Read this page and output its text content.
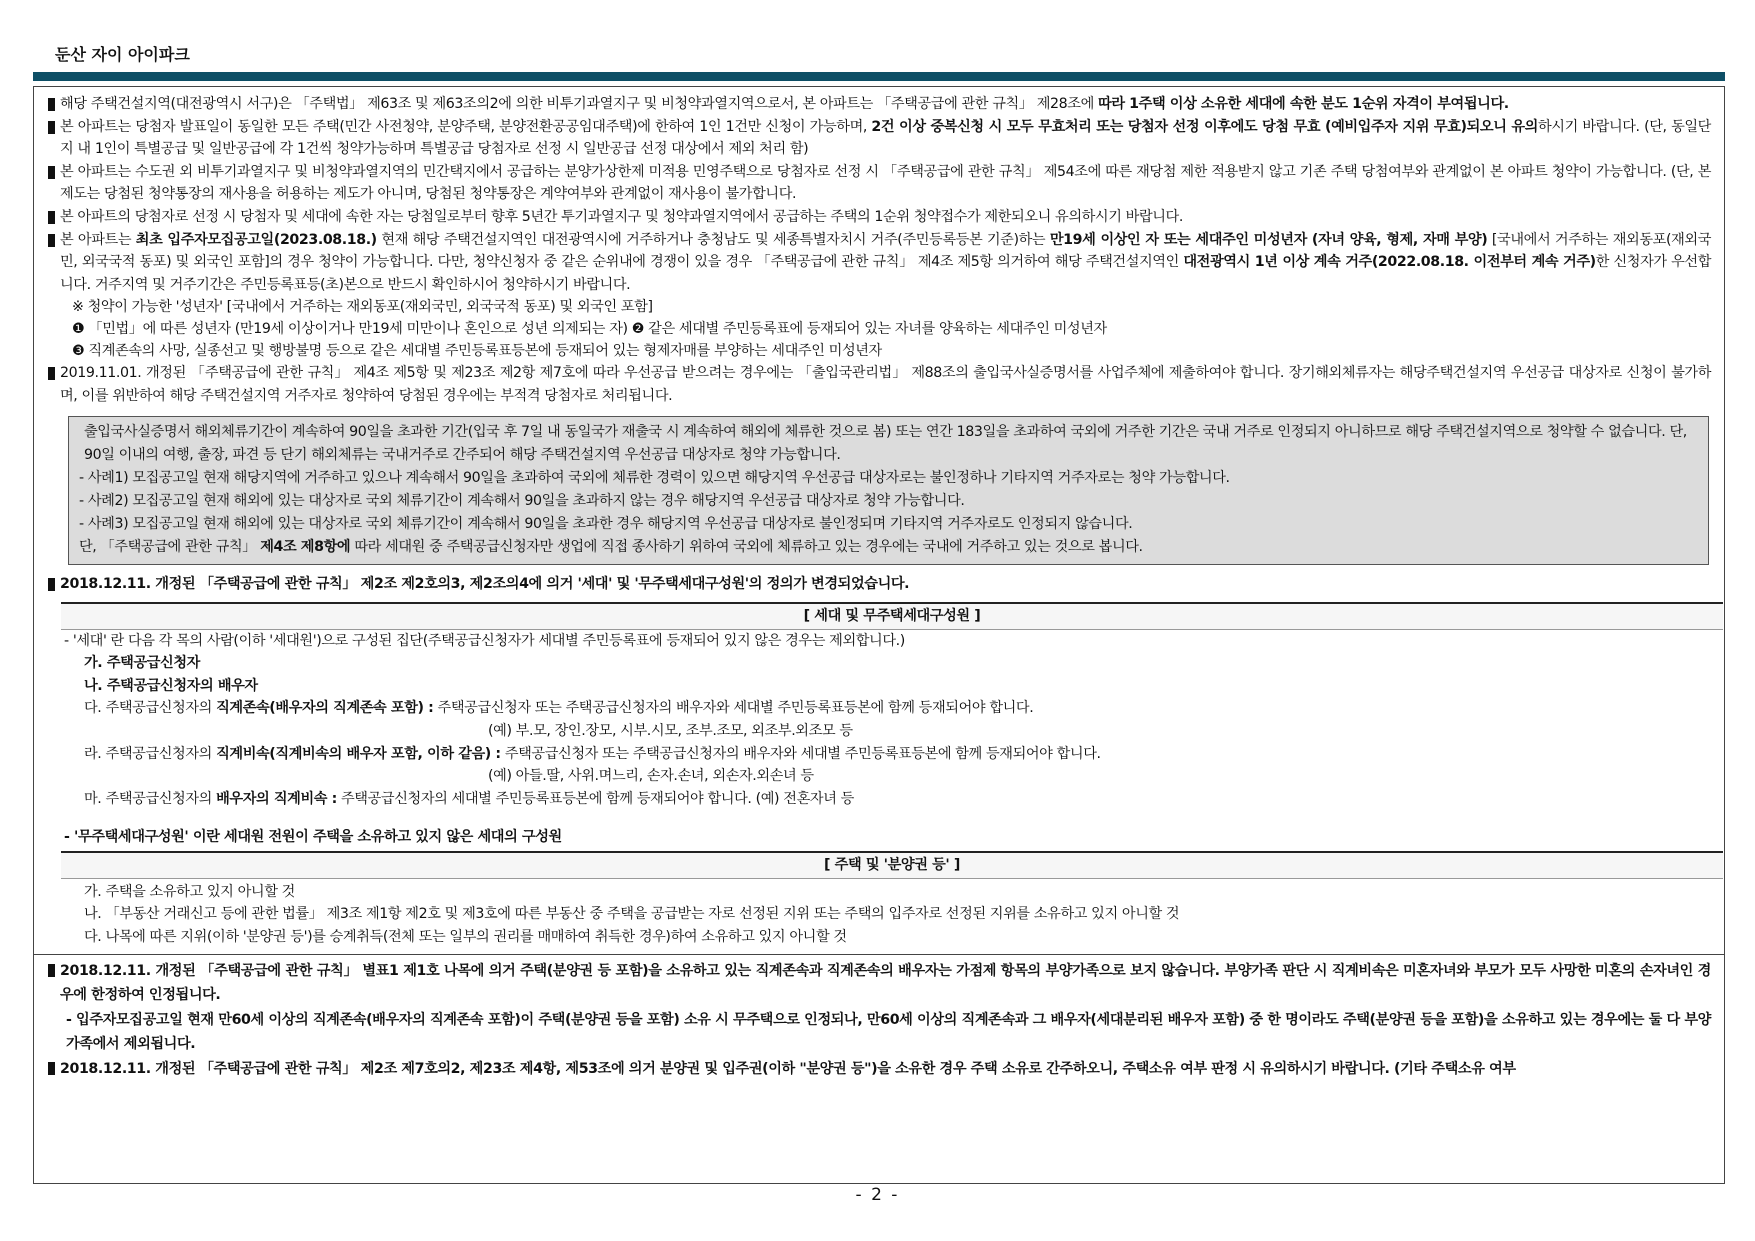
둔산 자이 아이파크
해당 주택건설지역(대전광역시 서구)은 「주택법」 제63조 및 제63조의2에 의한 비투기과열지구 및 비청약과열지역으로서, 본 아파트는 「주택공급에 관한 규칙」 제28조에 따라 1주택 이상 소유한 세대에 속한 분도 1순위 자격이 부여됩니다.
본 아파트는 당첨자 발표일이 동일한 모든 주택(민간 사전청약, 분양주택, 분양전환공공임대주택)에 한하여 1인 1건만 신청이 가능하며, 2건 이상 중복신청 시 모두 무효처리 또는 당첨자 선정 이후에도 당첨 무효 (예비입주자 지위 무효)되오니 유의하시기 바랍니다. (단, 동일단지 내 1인이 특별공급 및 일반공급에 각 1건씩 청약가능하며 특별공급 당첨자로 선정 시 일반공급 선정 대상에서 제외 처리 함)
본 아파트는 수도권 외 비투기과열지구 및 비청약과열지역의 민간택지에서 공급하는 분양가상한제 미적용 민영주택으로 당첨자로 선정 시 「주택공급에 관한 규칙」 제54조에 따른 재당첨 제한 적용받지 않고 기존 주택 당첨여부와 관계없이 본 아파트 청약이 가능합니다. (단, 본 제도는 당첨된 청약통장의 재사용을 허용하는 제도가 아니며, 당첨된 청약통장은 계약여부와 관계없이 재사용이 불가합니다.
본 아파트의 당첨자로 선정 시 당첨자 및 세대에 속한 자는 당첨일로부터 향후 5년간 투기과열지구 및 청약과열지역에서 공급하는 주택의 1순위 청약접수가 제한되오니 유의하시기 바랍니다.
본 아파트는 최초 입주자모집공고일(2023.08.18.) 현재 해당 주택건설지역인 대전광역시에 거주하거나 충청남도 및 세종특별자치시 거주(주민등록등본 기준)하는 만19세 이상인 자 또는 세대주인 미성년자 (자녀 양육, 형제, 자매 부양) [국내에서 거주하는 재외동포(재외국민, 외국국적 동포) 및 외국인 포함]의 경우 청약이 가능합니다. 다만, 청약신청자 중 같은 순위내에 경쟁이 있을 경우 「주택공급에 관한 규칙」 제4조 제5항 의거하여 해당 주택건설지역인 대전광역시 1년 이상 계속 거주(2022.08.18. 이전부터 계속 거주)한 신청자가 우선합니다. 거주지역 및 거주기간은 주민등록표등(초)본으로 반드시 확인하시어 청약하시기 바랍니다.
※ 청약이 가능한 '성년자' [국내에서 거주하는 재외동포(재외국민, 외국국적 동포) 및 외국인 포함]
❶ 「민법」에 따른 성년자 (만19세 이상이거나 만19세 미만이나 혼인으로 성년 의제되는 자) ❷ 같은 세대별 주민등록표에 등재되어 있는 자녀를 양육하는 세대주인 미성년자
❸ 직계존속의 사망, 실종선고 및 행방불명 등으로 같은 세대별 주민등록표등본에 등재되어 있는 형제자매를 부양하는 세대주인 미성년자
2019.11.01. 개정된 「주택공급에 관한 규칙」 제4조 제5항 및 제23조 제2항 제7호에 따라 우선공급 받으려는 경우에는 「출입국관리법」 제88조의 출입국사실증명서를 사업주체에 제출하여야 합니다. 장기해외체류자는 해당주택건설지역 우선공급 대상자로 신청이 불가하며, 이를 위반하여 해당 주택건설지역 거주자로 청약하여 당첨된 경우에는 부적격 당첨자로 처리됩니다.
출입국사실증명서 해외체류기간이 계속하여 90일을 초과한 기간(입국 후 7일 내 동일국가 재출국 시 계속하여 해외에 체류한 것으로 봄) 또는 연간 183일을 초과하여 국외에 거주한 기간은 국내 거주로 인정되지 아니하므로 해당 주택건설지역으로 청약할 수 없습니다. 단, 90일 이내의 여행, 출장, 파견 등 단기 해외체류는 국내거주로 간주되어 해당 주택건설지역 우선공급 대상자로 청약 가능합니다.
- 사례1) 모집공고일 현재 해당지역에 거주하고 있으나 계속해서 90일을 초과하여 국외에 체류한 경력이 있으면 해당지역 우선공급 대상자로는 불인정하나 기타지역 거주자로는 청약 가능합니다.
- 사례2) 모집공고일 현재 해외에 있는 대상자로 국외 체류기간이 계속해서 90일을 초과하지 않는 경우 해당지역 우선공급 대상자로 청약 가능합니다.
- 사례3) 모집공고일 현재 해외에 있는 대상자로 국외 체류기간이 계속해서 90일을 초과한 경우 해당지역 우선공급 대상자로 불인정되며 기타지역 거주자로도 인정되지 않습니다.
단, 「주택공급에 관한 규칙」 제4조 제8항에 따라 세대원 중 주택공급신청자만 생업에 직접 종사하기 위하여 국외에 체류하고 있는 경우에는 국내에 거주하고 있는 것으로 봅니다.
2018.12.11. 개정된 「주택공급에 관한 규칙」 제2조 제2호의3, 제2조의4에 의거 '세대' 및 '무주택세대구성원'의 정의가 변경되었습니다.
[ 세대 및 무주택세대구성원 ]
- '세대' 란 다음 각 목의 사람(이하 '세대원')으로 구성된 집단(주택공급신청자가 세대별 주민등록표에 등재되어 있지 않은 경우는 제외합니다.)
가. 주택공급신청자
나. 주택공급신청자의 배우자
다. 주택공급신청자의 직계존속(배우자의 직계존속 포함) : 주택공급신청자 또는 주택공급신청자의 배우자와 세대별 주민등록표등본에 함께 등재되어야 합니다.
(예) 부.모, 장인.장모, 시부.시모, 조부.조모, 외조부.외조모 등
라. 주택공급신청자의 직계비속(직계비속의 배우자 포함, 이하 같음) : 주택공급신청자 또는 주택공급신청자의 배우자와 세대별 주민등록표등본에 함께 등재되어야 합니다.
(예) 아들.딸, 사위.며느리, 손자.손녀, 외손자.외손녀 등
마. 주택공급신청자의 배우자의 직계비속 : 주택공급신청자의 세대별 주민등록표등본에 함께 등재되어야 합니다. (예) 전혼자녀 등
- '무주택세대구성원' 이란 세대원 전원이 주택을 소유하고 있지 않은 세대의 구성원
[ 주택 및 '분양권 등' ]
가. 주택을 소유하고 있지 아니할 것
나. 「부동산 거래신고 등에 관한 법률」 제3조 제1항 제2호 및 제3호에 따른 부동산 중 주택을 공급받는 자로 선정된 지위 또는 주택의 입주자로 선정된 지위를 소유하고 있지 아니할 것
다. 나목에 따른 지위(이하 '분양권 등')를 승계취득(전체 또는 일부의 권리를 매매하여 취득한 경우)하여 소유하고 있지 아니할 것
2018.12.11. 개정된 「주택공급에 관한 규칙」 별표1 제1호 나목에 의거 주택(분양권 등 포함)을 소유하고 있는 직계존속과 직계존속의 배우자는 가점제 항목의 부양가족으로 보지 않습니다. 부양가족 판단 시 직계비속은 미혼자녀와 부모가 모두 사망한 미혼의 손자녀인 경우에 한정하여 인정됩니다.
- 입주자모집공고일 현재 만60세 이상의 직계존속(배우자의 직계존속 포함)이 주택(분양권 등을 포함) 소유 시 무주택으로 인정되나, 만60세 이상의 직계존속과 그 배우자(세대분리된 배우자 포함) 중 한 명이라도 주택(분양권 등을 포함)을 소유하고 있는 경우에는 둘 다 부양가족에서 제외됩니다.
2018.12.11. 개정된 「주택공급에 관한 규칙」 제2조 제7호의2, 제23조 제4항, 제53조에 의거 분양권 및 입주권(이하 "분양권 등")을 소유한 경우 주택 소유로 간주하오니, 주택소유 여부 판정 시 유의하시기 바랍니다. (기타 주택소유 여부
- 2 -
